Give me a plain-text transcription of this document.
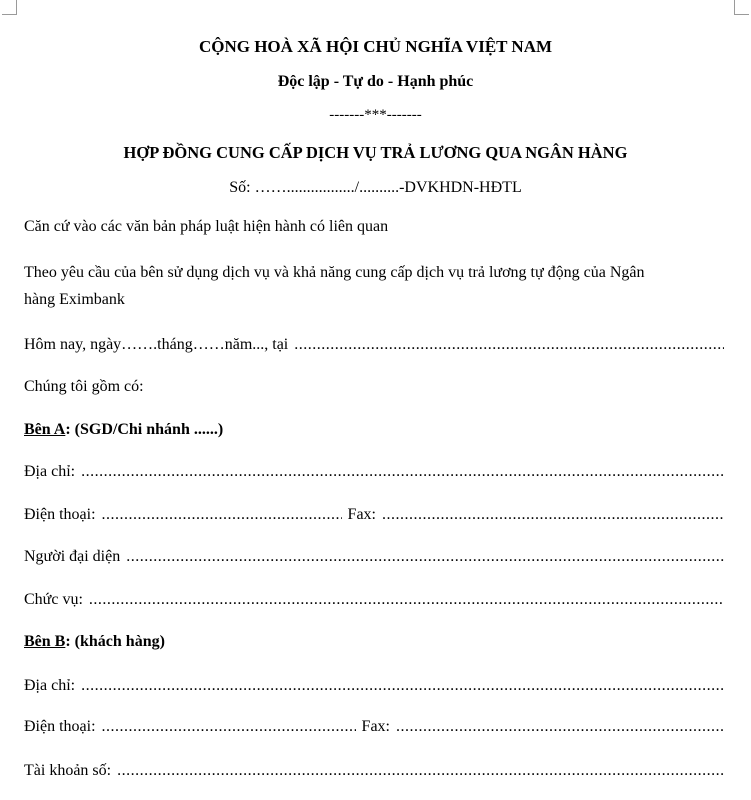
CỘNG HOÀ XÃ HỘI CHỦ NGHĨA VIỆT NAM
Độc lập - Tự do - Hạnh phúc
-------***-------
HỢP ĐỒNG CUNG CẤP DỊCH VỤ TRẢ LƯƠNG QUA NGÂN HÀNG
Số: ……................./..........-DVKHDN-HĐTL
Căn cứ vào các văn bản pháp luật hiện hành có liên quan
Theo yêu cầu của bên sử dụng dịch vụ và khả năng cung cấp dịch vụ trả lương tự động của Ngân
hàng Eximbank
Hôm nay, ngày…….tháng……năm..., tại
.....
Chúng tôi gồm có:
Bên A: (SGD/Chi nhánh ......)
Địa chỉ:
.....
Điện thoại: .....	Fax:
.....
Người đại diện
.....
Chức vụ:
.....
Bên B: (khách hàng)
Địa chỉ:
.....
Điện thoại: .....	Fax:
.....
Tài khoản số:
.....
